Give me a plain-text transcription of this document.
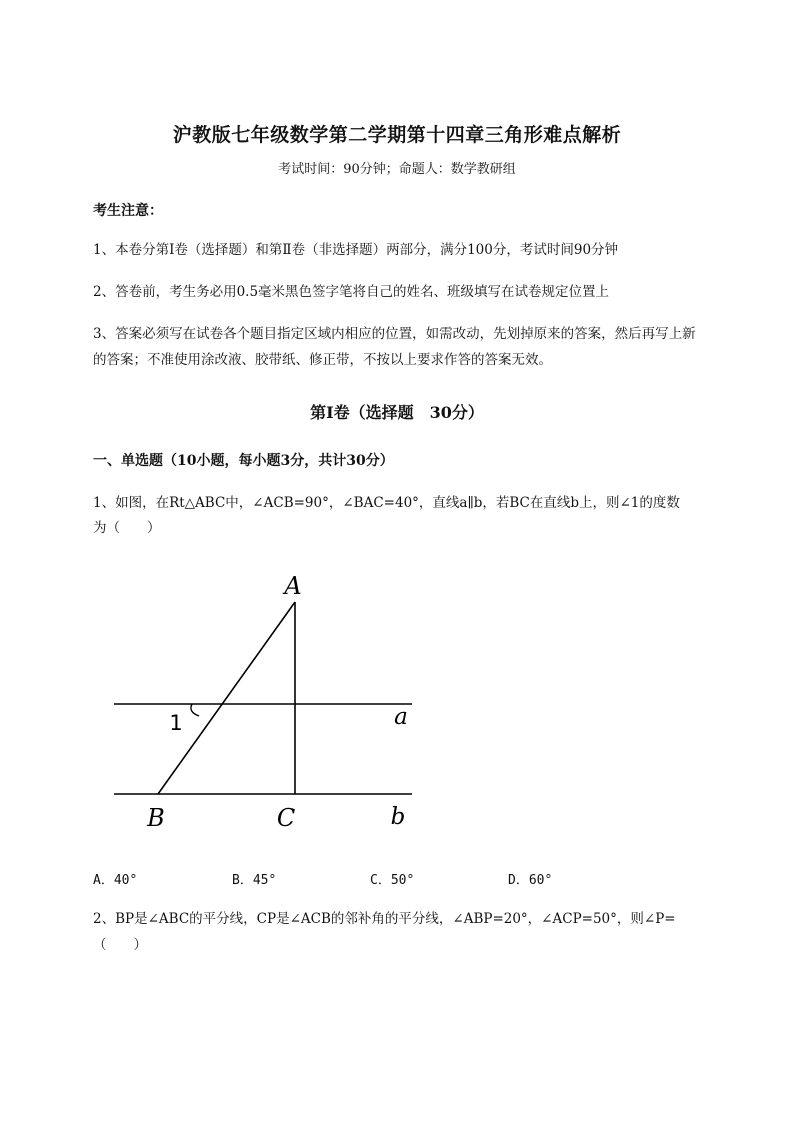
沪教版七年级数学第二学期第十四章三角形难点解析
考试时间：90分钟；命题人：数学教研组
考生注意：
1、本卷分第I卷（选择题）和第Ⅱ卷（非选择题）两部分，满分100分，考试时间90分钟
2、答卷前，考生务必用0.5毫米黑色签字笔将自己的姓名、班级填写在试卷规定位置上
3、答案必须写在试卷各个题目指定区域内相应的位置，如需改动，先划掉原来的答案，然后再写上新
的答案；不准使用涂改液、胶带纸、修正带，不按以上要求作答的答案无效。
第I卷（选择题　30分）
一、单选题（10小题，每小题3分，共计30分）
1、如图，在Rt△ABC中，∠ACB=90°，∠BAC=40°，直线a∥b，若BC在直线b上，则∠1的度数
为（　　）
A
B	C
a
b
1
A．40°	B．45°	C．50°	D．60°
2、BP是∠ABC的平分线，CP是∠ACB的邻补角的平分线，∠ABP=20°，∠ACP=50°，则∠P=
（　　）
